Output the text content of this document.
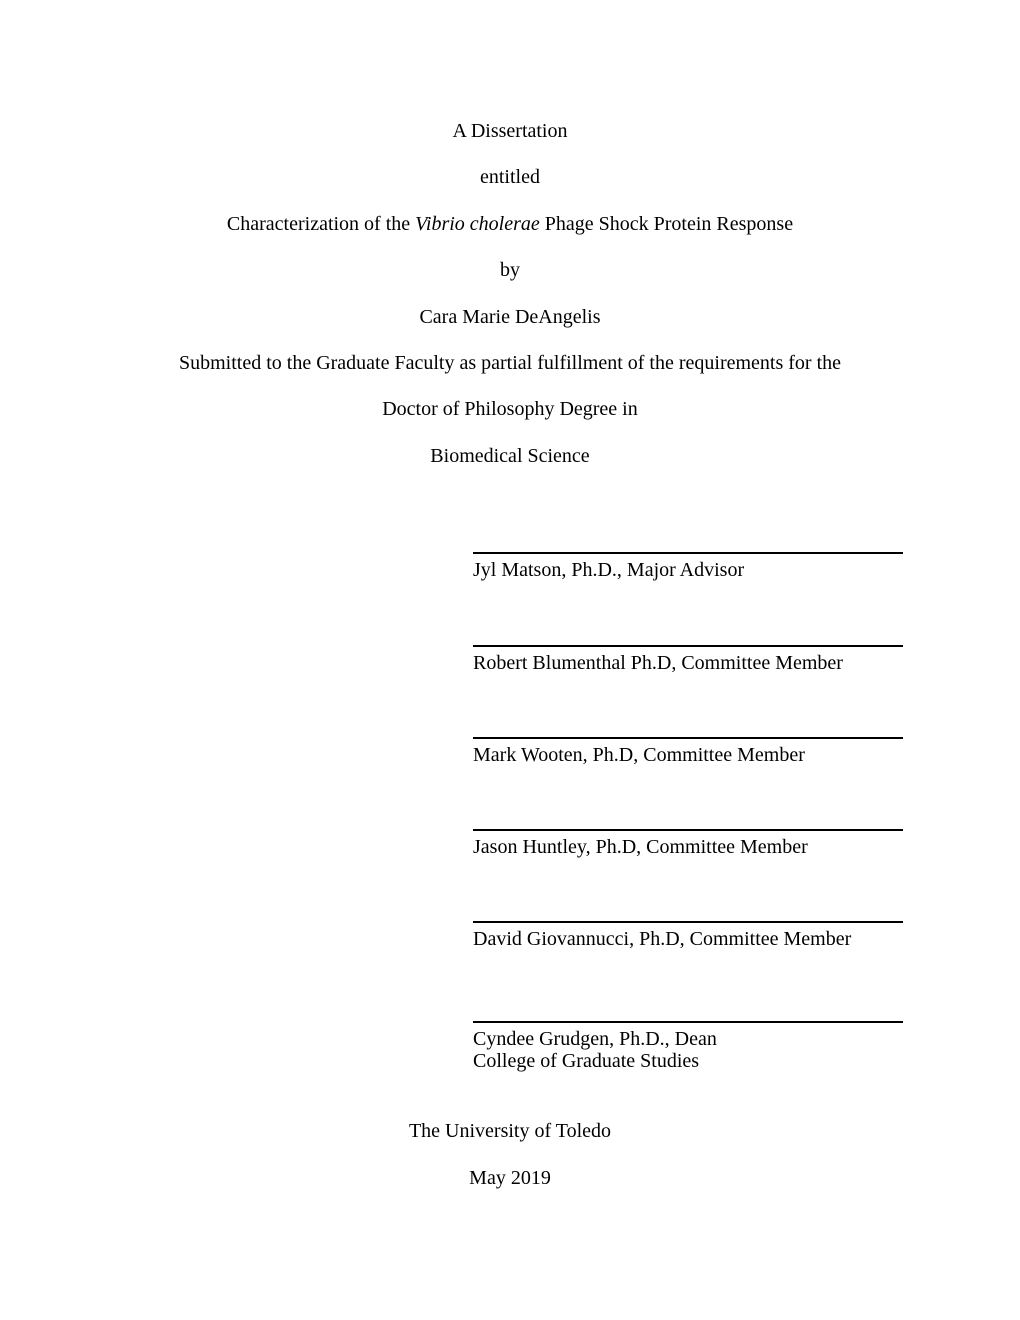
A Dissertation
entitled
Characterization of the Vibrio cholerae Phage Shock Protein Response
by
Cara Marie DeAngelis
Submitted to the Graduate Faculty as partial fulfillment of the requirements for the
Doctor of Philosophy Degree in
Biomedical Science
Jyl Matson, Ph.D., Major Advisor
Robert Blumenthal Ph.D, Committee Member
Mark Wooten, Ph.D, Committee Member
Jason Huntley, Ph.D, Committee Member
David Giovannucci, Ph.D, Committee Member
Cyndee Grudgen, Ph.D., Dean
College of Graduate Studies
The University of Toledo
May 2019
